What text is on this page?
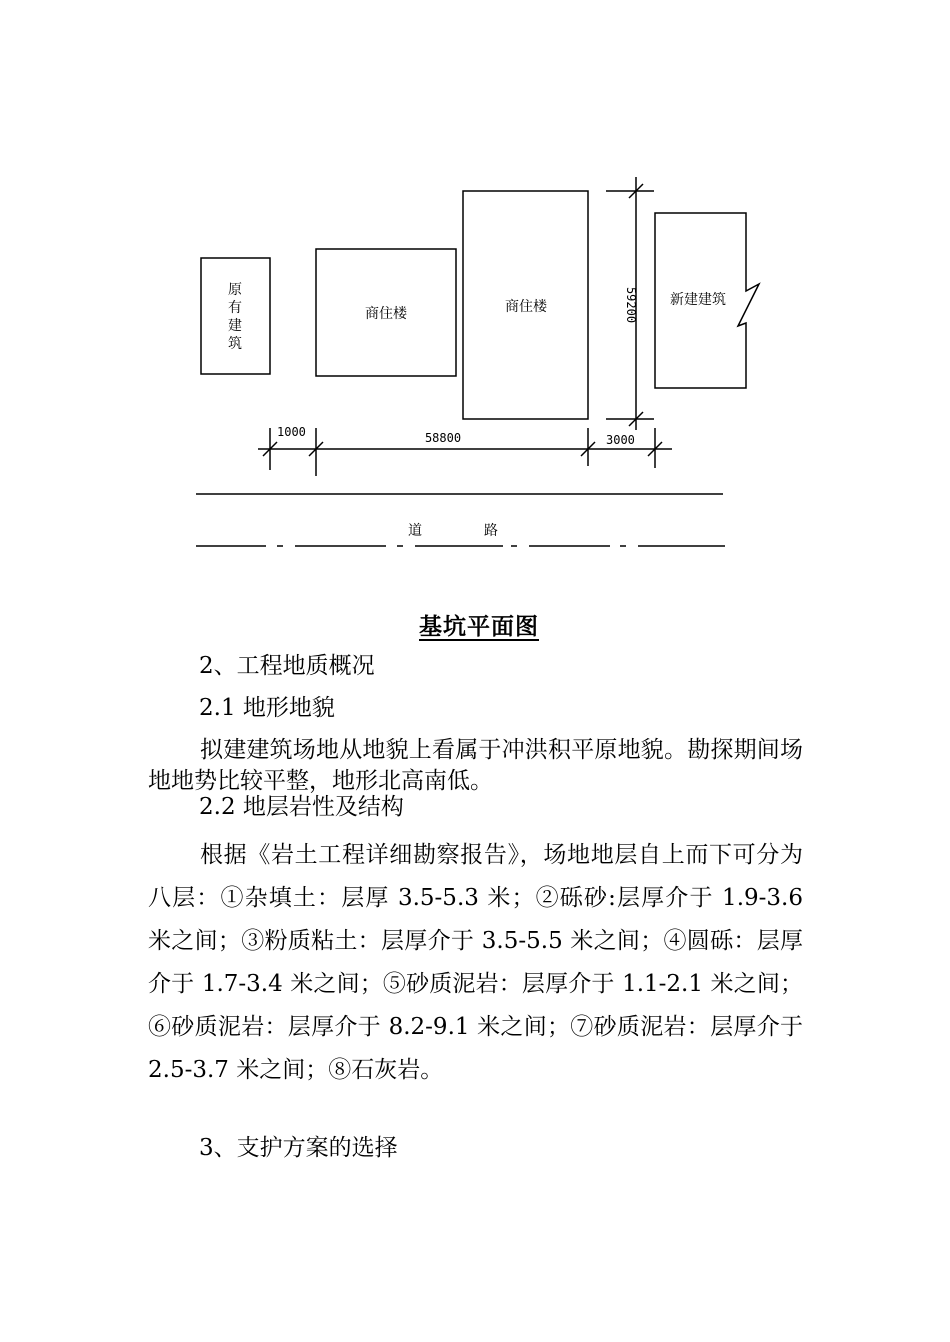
原
有
建
筑
商住楼	商住楼	新建建筑
1000	58800	3000
59200
道	路
基坑平面图
2、工程地质概况
2.1 地形地貌

拟建建筑场地从地貌上看属于冲洪积平原地貌。勘探期间场地地势比较平整，地形北高南低。

2.2 地层岩性及结构

根据《岩土工程详细勘察报告》，场地地层自上而下可分为八层：①杂填土：层厚 3.5-5.3 米；②砾砂:层厚介于 1.9-3.6 米之间；③粉质粘土：层厚介于 3.5-5.5 米之间；④圆砾：层厚介于 1.7-3.4 米之间；⑤砂质泥岩：层厚介于 1.1-2.1 米之间；⑥砂质泥岩：层厚介于 8.2-9.1 米之间；⑦砂质泥岩：层厚介于 2.5-3.7 米之间；⑧石灰岩。

3、支护方案的选择
